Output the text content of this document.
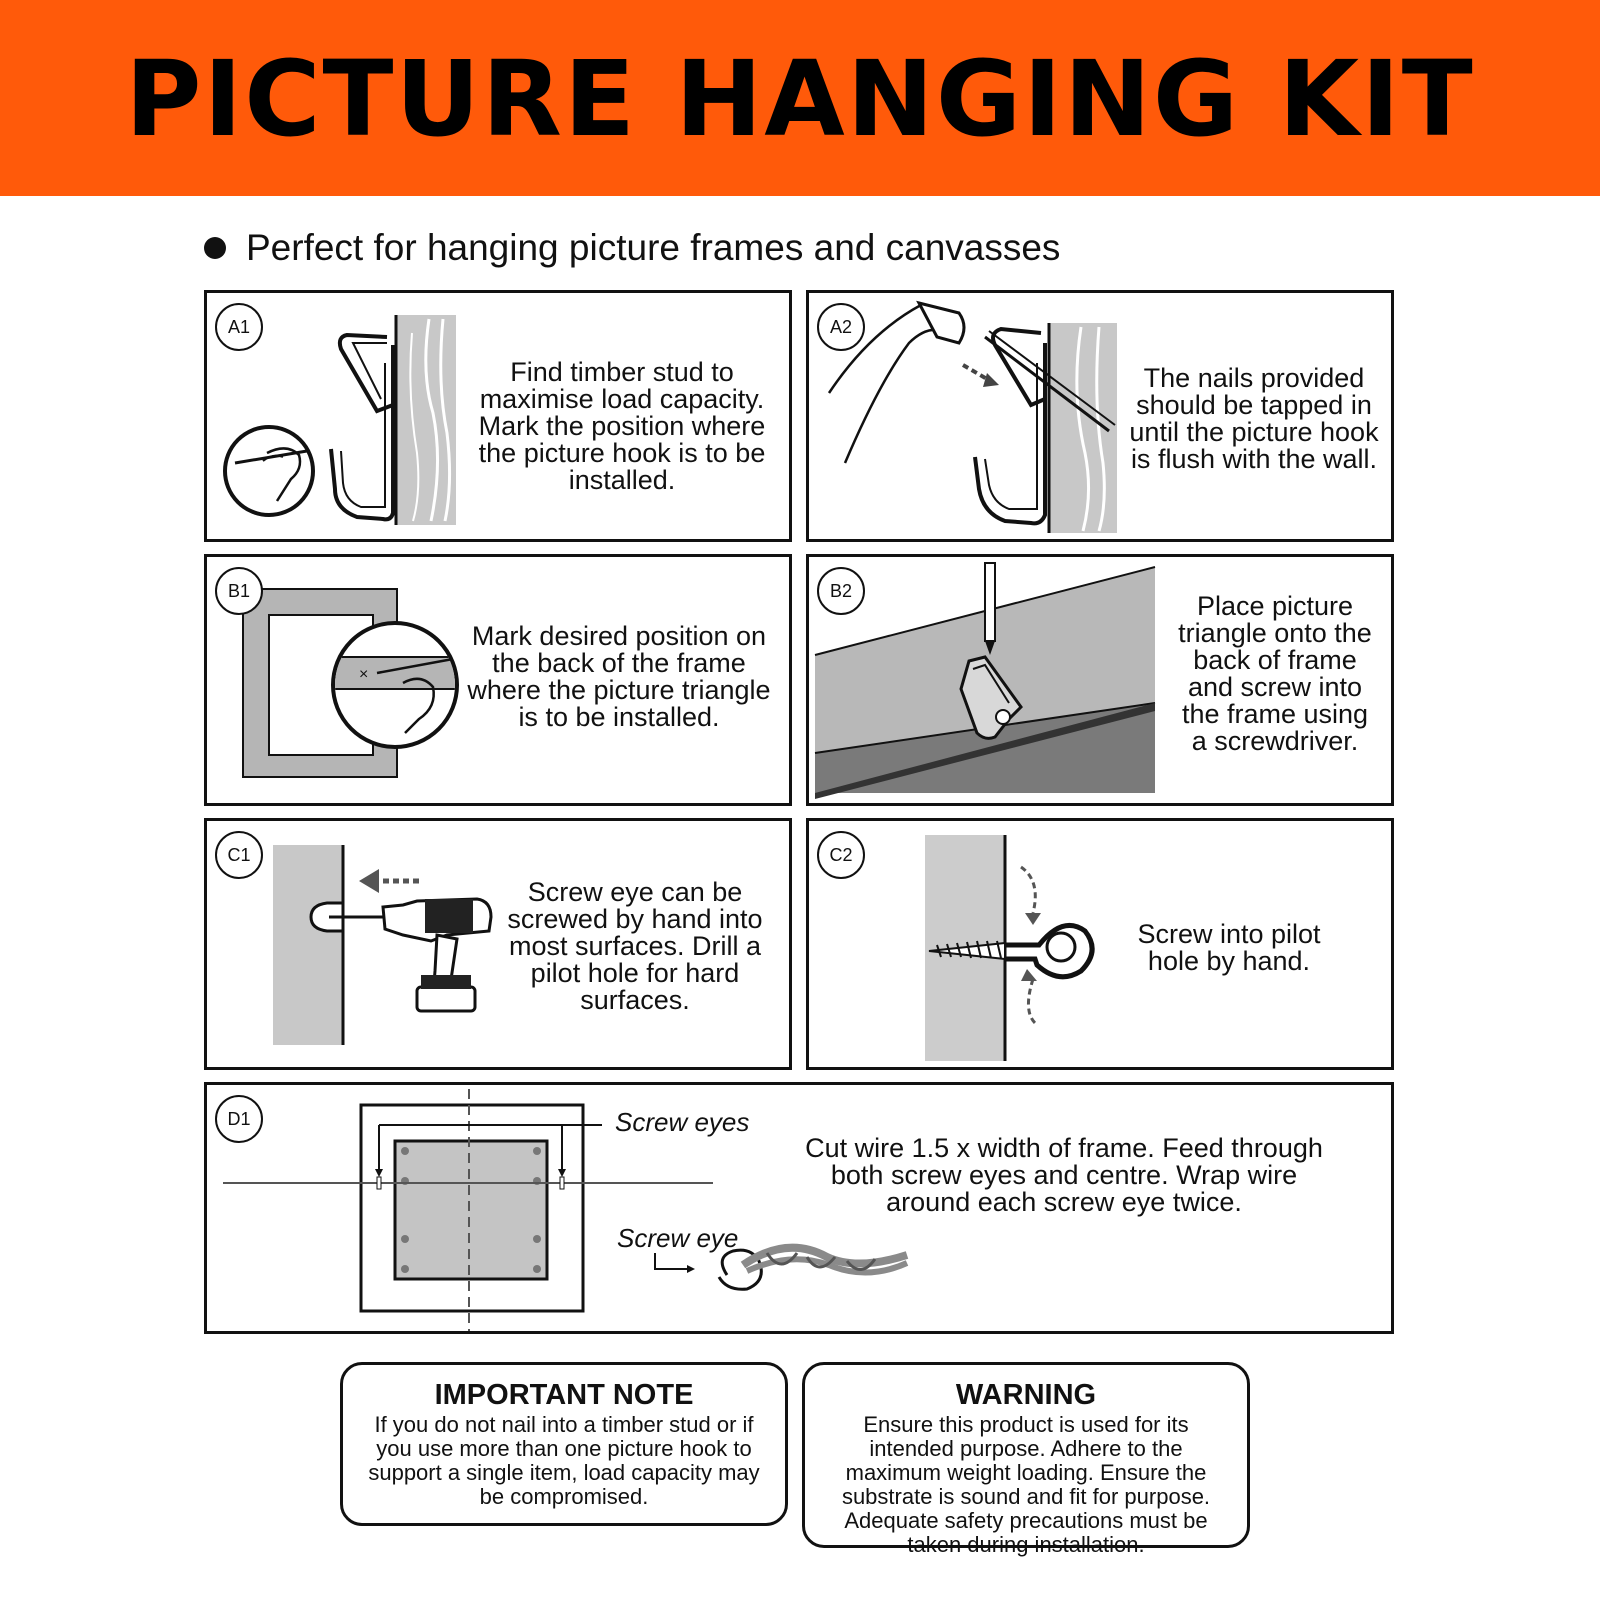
PICTURE HANGING KIT
Perfect for hanging picture frames and canvasses
A1
Find timber stud to maximise load capacity. Mark the position where the picture hook is to be installed.
A2
The nails provided should be tapped in until the picture hook is flush with the wall.
B1
×
Mark desired position on the back of the frame where the picture triangle is to be installed.
B2
Place picture triangle onto the back of frame and screw into the frame using a screwdriver.
C1
Screw eye can be screwed by hand into most surfaces. Drill a pilot hole for hard surfaces.
C2
Screw into pilot hole by hand.
D1	Screw eyes
Screw eye
Cut wire 1.5 x width of frame. Feed through both screw eyes and centre. Wrap wire around each screw eye twice.
IMPORTANT NOTE
If you do not nail into a timber stud or if you use more than one picture hook to support a single item, load capacity may be compromised.
WARNING
Ensure this product is used for its intended purpose. Adhere to the maximum weight loading. Ensure the substrate is sound and fit for purpose. Adequate safety precautions must be taken during installation.
